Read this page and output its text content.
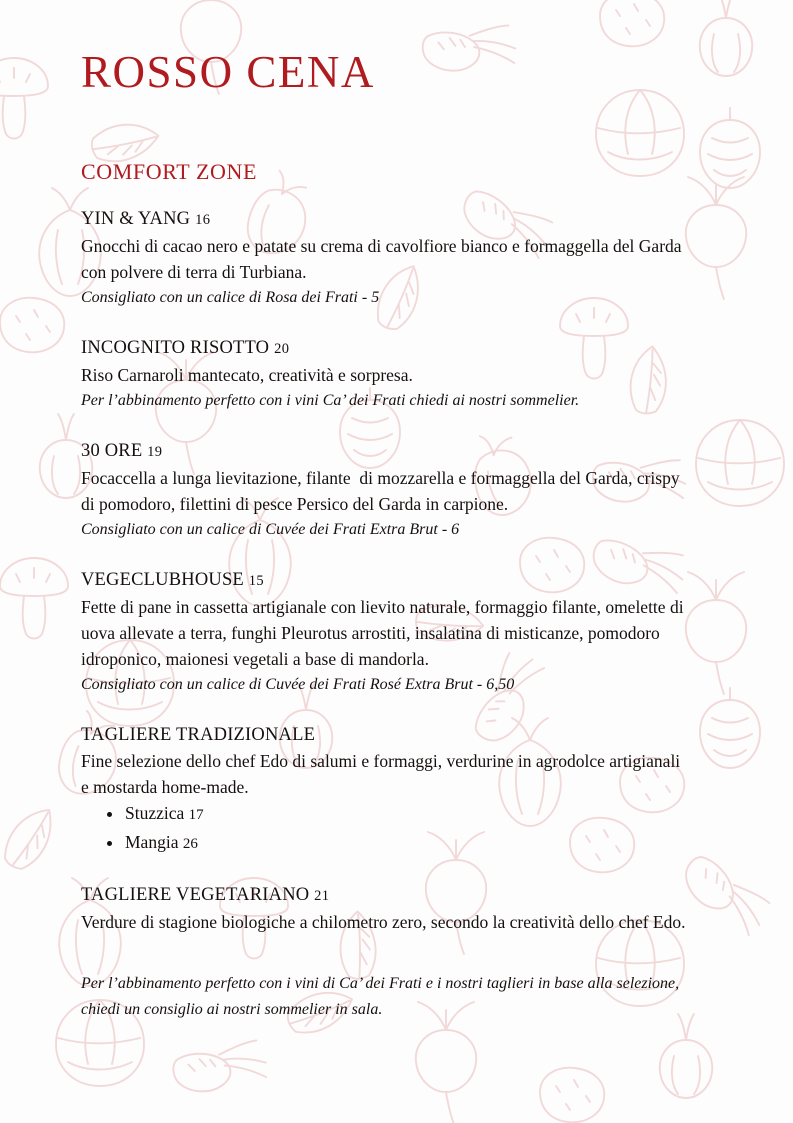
ROSSO CENA
COMFORT ZONE
YIN & YANG 16

Gnocchi di cacao nero e patate su crema di cavolfiore bianco e formaggella del Garda con polvere di terra di Turbiana.

Consigliato con un calice di Rosa dei Frati - 5

INCOGNITO RISOTTO 20

Riso Carnaroli mantecato, creatività e sorpresa.

Per l’abbinamento perfetto con i vini Ca’ dei Frati chiedi ai nostri sommelier.

30 ORE 19

Focaccella a lunga lievitazione, filante  di mozzarella e formaggella del Garda, crispy di pomodoro, filettini di pesce Persico del Garda in carpione.

Consigliato con un calice di Cuvée dei Frati Extra Brut - 6

VEGECLUBHOUSE 15

Fette di pane in cassetta artigianale con lievito naturale, formaggio filante, omelette di uova allevate a terra, funghi Pleurotus arrostiti, insalatina di misticanze, pomodoro idroponico, maionesi vegetali a base di mandorla.

Consigliato con un calice di Cuvée dei Frati Rosé Extra Brut - 6,50

TAGLIERE TRADIZIONALE

Fine selezione dello chef Edo di salumi e formaggi, verdurine in agrodolce artigianali e mostarda home-made.

Stuzzica 17
Mangia 26
TAGLIERE VEGETARIANO 21

Verdure di stagione biologiche a chilometro zero, secondo la creatività dello chef Edo.

Per l’abbinamento perfetto con i vini di Ca’ dei Frati e i nostri taglieri in base alla selezione, chiedi un consiglio ai nostri sommelier in sala.
